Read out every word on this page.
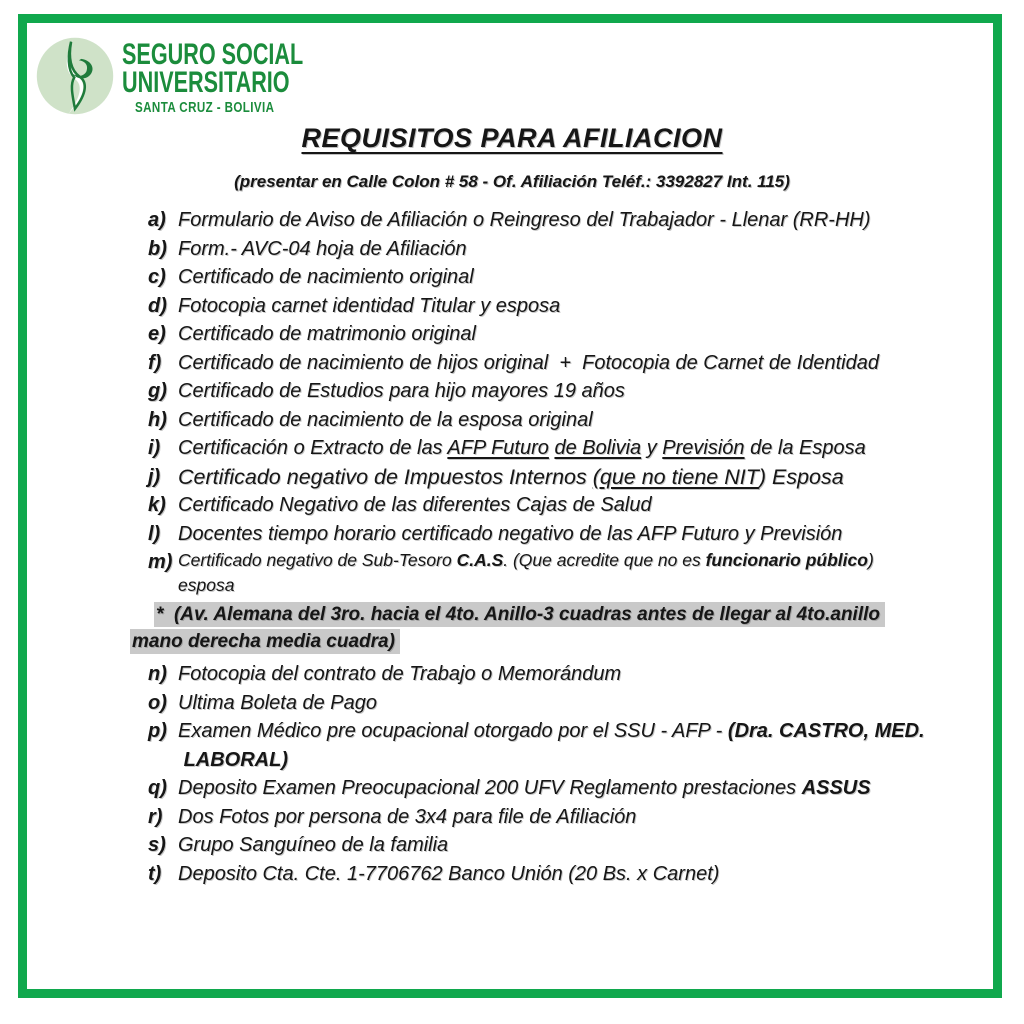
SEGURO SOCIAL
UNIVERSITARIO
SANTA CRUZ - BOLIVIA
REQUISITOS PARA AFILIACION
(presentar en Calle Colon # 58 - Of. Afiliación Teléf.: 3392827 Int. 115)
a) Formulario de Aviso de Afiliación o Reingreso del Trabajador - Llenar (RR-HH)
b) Form.- AVC-04 hoja de Afiliación
c) Certificado de nacimiento original
d) Fotocopia carnet identidad Titular y esposa
e) Certificado de matrimonio original
f) Certificado de nacimiento de hijos original  +  Fotocopia de Carnet de Identidad
g) Certificado de Estudios para hijo mayores 19 años
h) Certificado de nacimiento de la esposa original
i) Certificación o Extracto de las AFP Futuro de Bolivia y Previsión de la Esposa
j) Certificado negativo de Impuestos Internos (que no tiene NIT) Esposa
k) Certificado Negativo de las diferentes Cajas de Salud
l) Docentes tiempo horario certificado negativo de las AFP Futuro y Previsión
m) Certificado negativo de Sub-Tesoro C.A.S. (Que acredite que no es funcionario público)
esposa
*  (Av. Alemana del 3ro. hacia el 4to. Anillo-3 cuadras antes de llegar al 4to.anillo
mano derecha media cuadra)
n) Fotocopia del contrato de Trabajo o Memorándum
o) Ultima Boleta de Pago
p) Examen Médico pre ocupacional otorgado por el SSU - AFP - (Dra. CASTRO, MED.
LABORAL)
q) Deposito Examen Preocupacional 200 UFV Reglamento prestaciones ASSUS
r) Dos Fotos por persona de 3x4 para file de Afiliación
s) Grupo Sanguíneo de la familia
t) Deposito Cta. Cte. 1-7706762 Banco Unión (20 Bs. x Carnet)
